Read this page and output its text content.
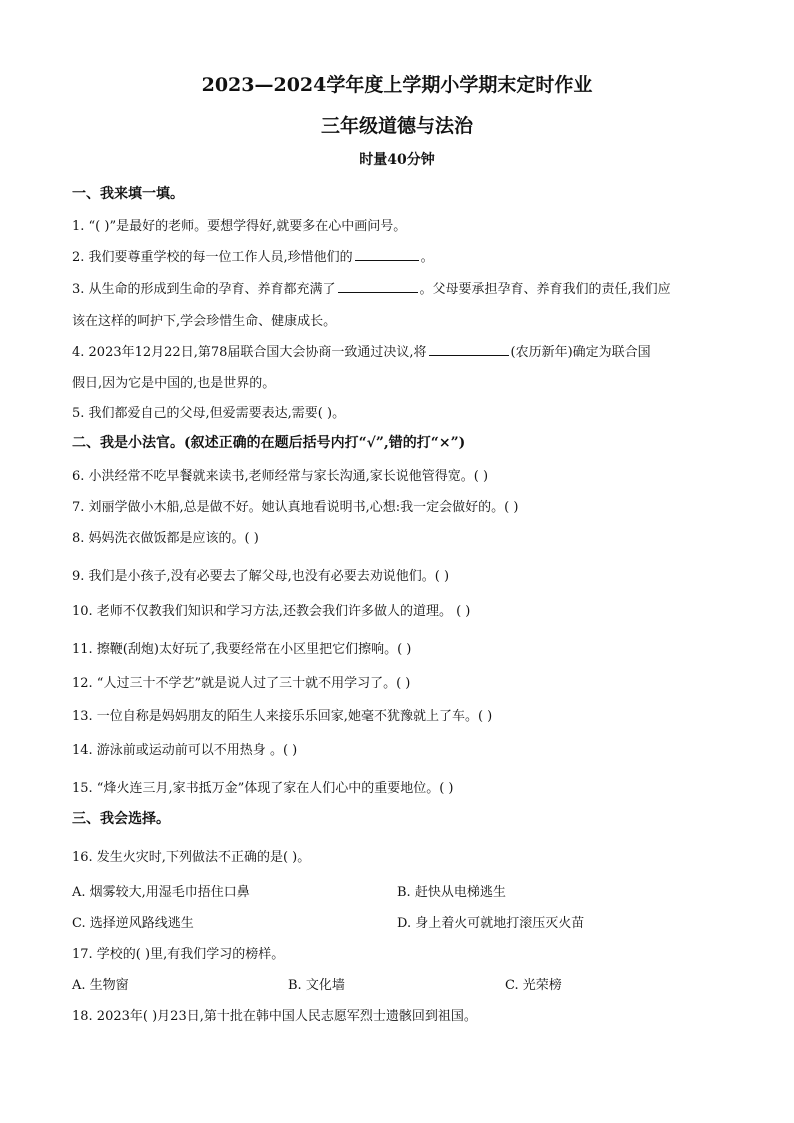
2023—2024学年度上学期小学期末定时作业
三年级道德与法治
时量40分钟
一、我来填一填。
1. “( )”是最好的老师。要想学得好,就要多在心中画问号。
2. 我们要尊重学校的每一位工作人员,珍惜他们的	。
3. 从生命的形成到生命的孕育、养育都充满了	。父母要承担孕育、养育我们的责任,我们应
该在这样的呵护下,学会珍惜生命、健康成长。
4. 2023年12月22日,第78届联合国大会协商一致通过决议,将	(农历新年)确定为联合国
假日,因为它是中国的,也是世界的。
5. 我们都爱自己的父母,但爱需要表达,需要( )。
二、我是小法官。(叙述正确的在题后括号内打“√”,错的打“×”)
6. 小洪经常不吃早餐就来读书,老师经常与家长沟通,家长说他管得宽。( )
7. 刘丽学做小木船,总是做不好。她认真地看说明书,心想:我一定会做好的。( )
8. 妈妈洗衣做饭都是应该的。( )
9. 我们是小孩子,没有必要去了解父母,也没有必要去劝说他们。( )
10. 老师不仅教我们知识和学习方法,还教会我们许多做人的道理。 ( )
11. 擦鞭(刮炮)太好玩了,我要经常在小区里把它们擦响。( )
12. “人过三十不学艺”就是说人过了三十就不用学习了。( )
13. 一位自称是妈妈朋友的陌生人来接乐乐回家,她毫不犹豫就上了车。( )
14. 游泳前或运动前可以不用热身 。( )
15. “烽火连三月,家书抵万金”体现了家在人们心中的重要地位。( )
三、我会选择。
16. 发生火灾时,下列做法不正确的是( )。
A. 烟雾较大,用湿毛巾捂住口鼻	B. 赶快从电梯逃生
C. 选择逆风路线逃生	D. 身上着火可就地打滚压灭火苗
17. 学校的( )里,有我们学习的榜样。
A. 生物窗	B. 文化墙	C. 光荣榜
18. 2023年( )月23日,第十批在韩中国人民志愿军烈士遗骸回到祖国。
